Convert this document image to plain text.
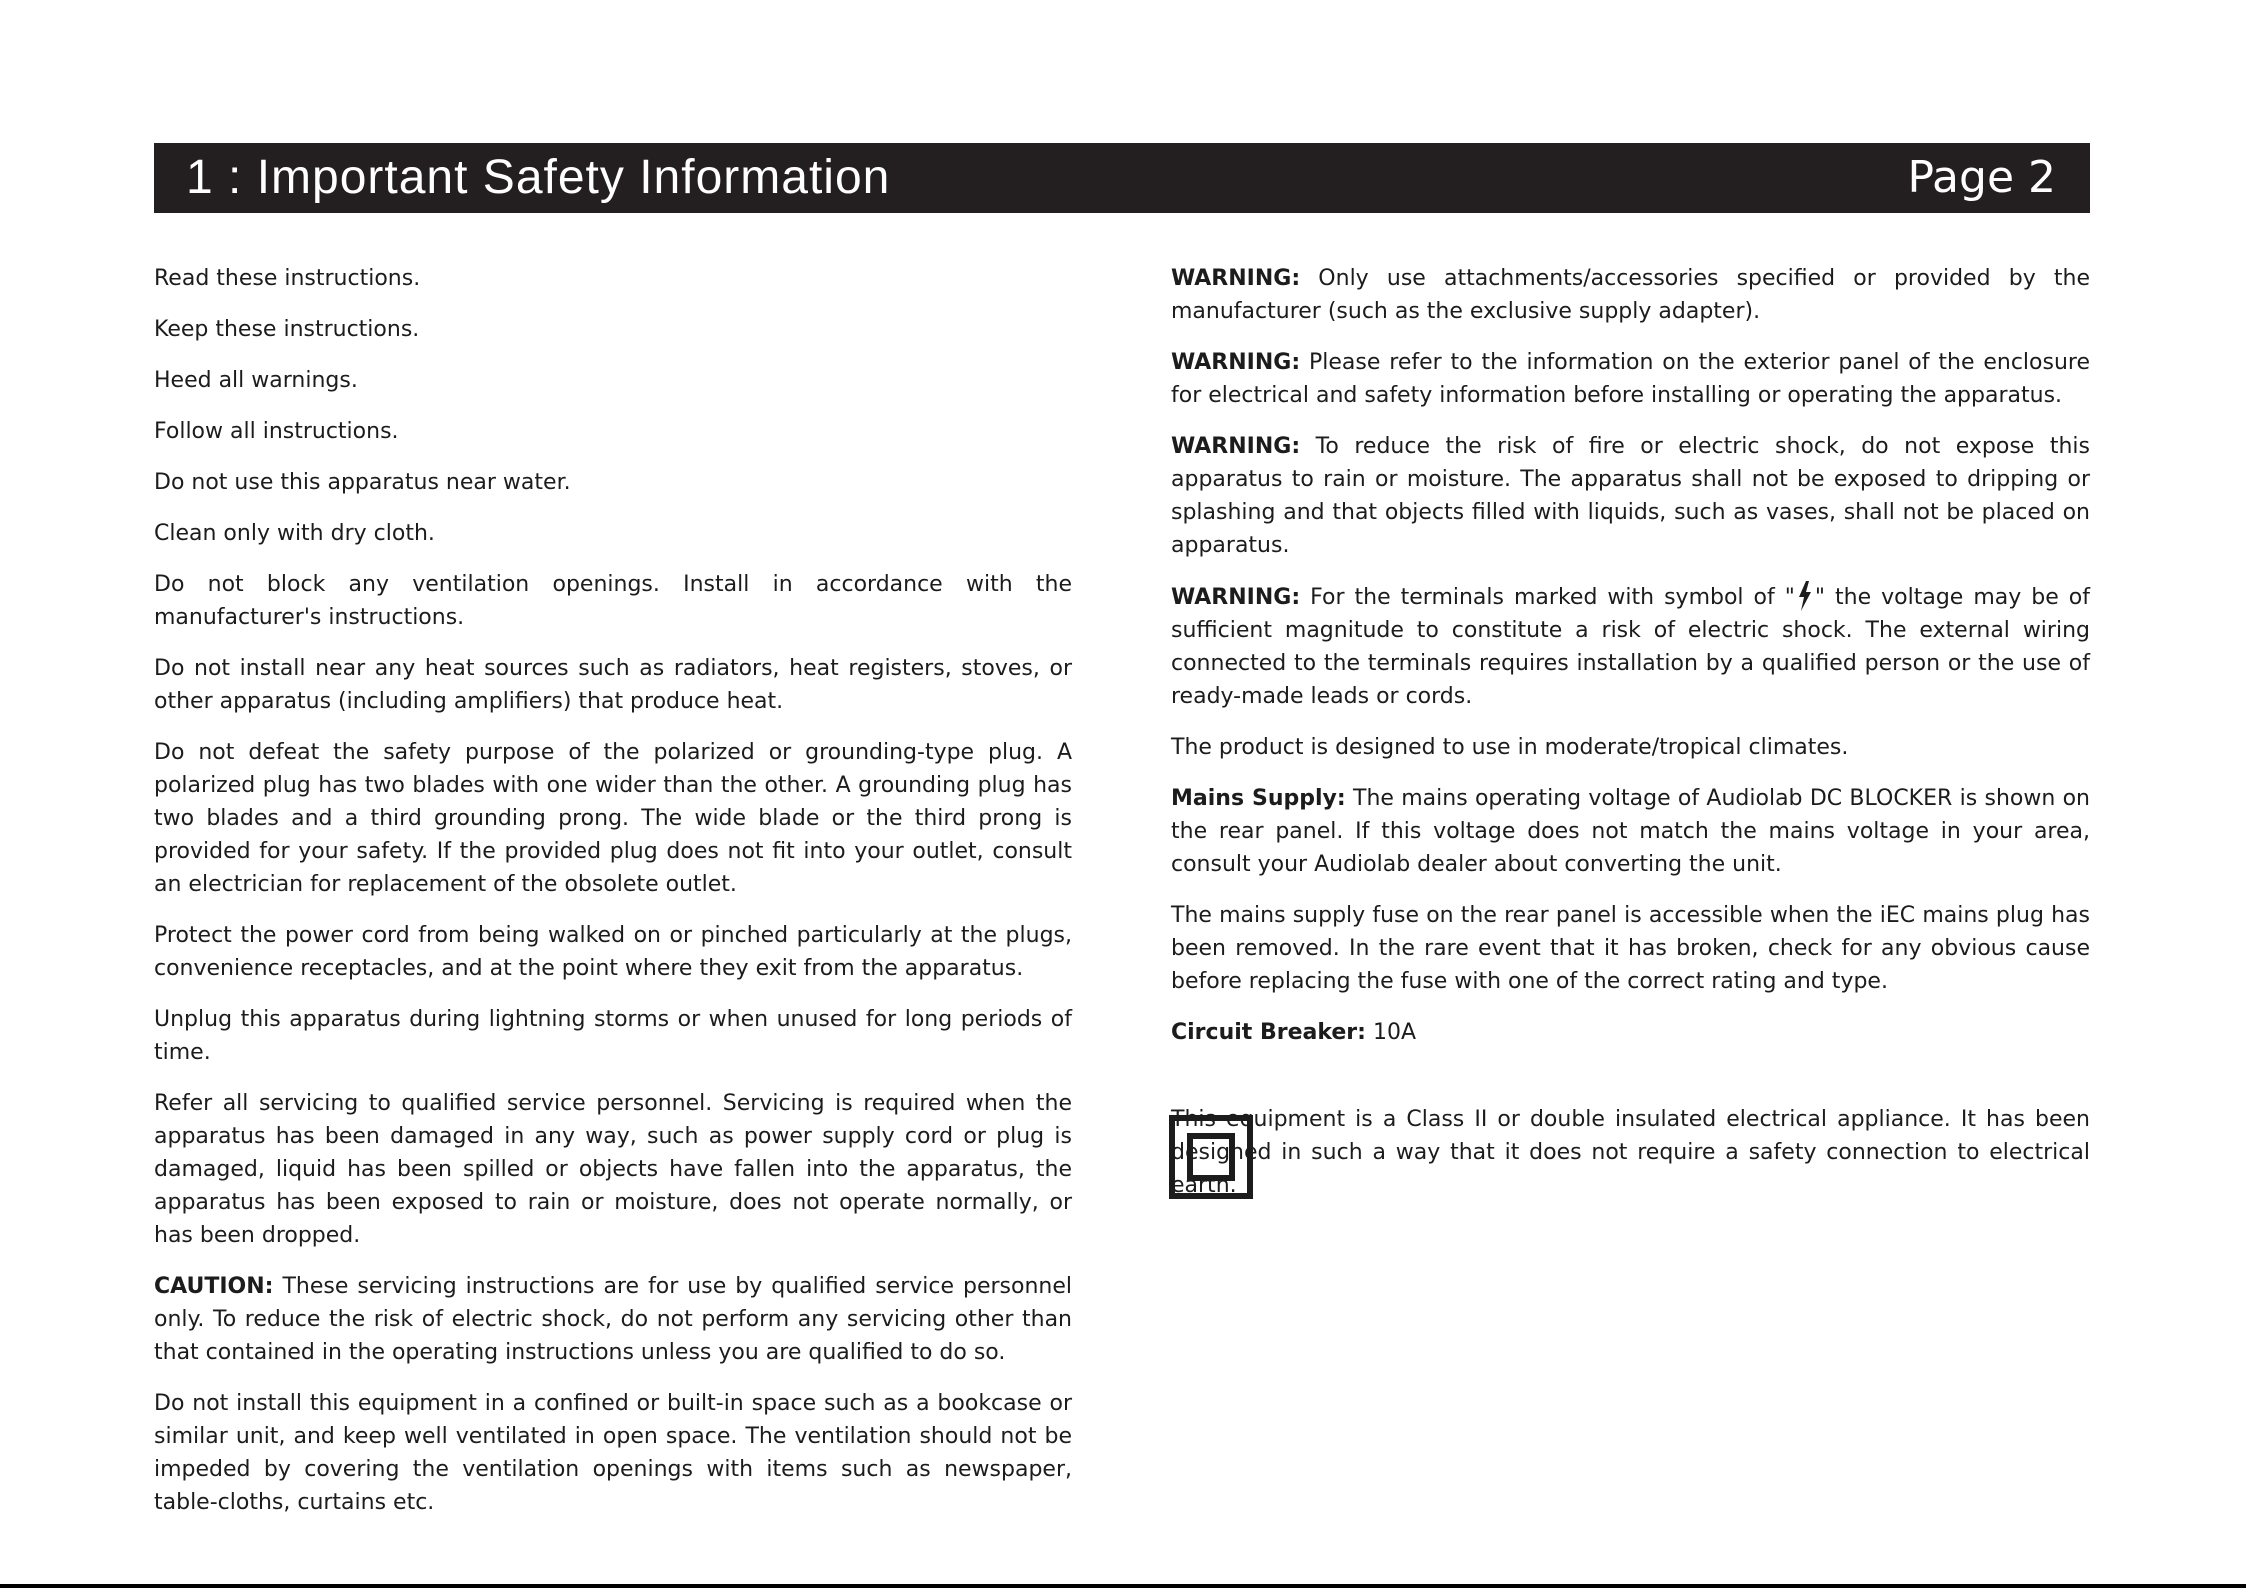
1 : Important Safety Information	Page 2

Read these instructions.

Keep these instructions.

Heed all warnings.

Follow all instructions.

Do not use this apparatus near water.

Clean only with dry cloth.

Do not block any ventilation openings. Install in accordance with the manufacturer's instructions.

Do not install near any heat sources such as radiators, heat registers, stoves, or other apparatus (including amplifiers) that produce heat.

Do not defeat the safety purpose of the polarized or grounding-type plug. A polarized plug has two blades with one wider than the other. A grounding plug has two blades and a third grounding prong. The wide blade or the third prong is provided for your safety. If the provided plug does not fit into your outlet, consult an electrician for replacement of the obsolete outlet.

Protect the power cord from being walked on or pinched particularly at the plugs, convenience receptacles, and at the point where they exit from the apparatus.

Unplug this apparatus during lightning storms or when unused for long periods of time.

Refer all servicing to qualified service personnel. Servicing is required when the apparatus has been damaged in any way, such as power supply cord or plug is damaged, liquid has been spilled or objects have fallen into the apparatus, the apparatus has been exposed to rain or moisture, does not operate normally, or has been dropped.

CAUTION: These servicing instructions are for use by qualified service personnel only. To reduce the risk of electric shock, do not perform any servicing other than that contained in the operating instructions unless you are qualified to do so.

Do not install this equipment in a confined or built-in space such as a bookcase or similar unit, and keep well ventilated in open space. The ventilation should not be impeded by covering the ventilation openings with items such as newspaper, table-cloths, curtains etc.

WARNING: Only use attachments/accessories specified or provided by the manufacturer (such as the exclusive supply adapter).

WARNING: Please refer to the information on the exterior panel of the enclosure for electrical and safety information before installing or operating the apparatus.

WARNING: To reduce the risk of fire or electric shock, do not expose this apparatus to rain or moisture. The apparatus shall not be exposed to dripping or splashing and that objects filled with liquids, such as vases, shall not be placed on apparatus.

WARNING: For the terminals marked with symbol of " " the voltage may be of sufficient magnitude to constitute a risk of electric shock. The external wiring connected to the terminals requires installation by a qualified person or the use of ready-made leads or cords.

The product is designed to use in moderate/tropical climates.

Mains Supply: The mains operating voltage of Audiolab DC BLOCKER is shown on the rear panel. If this voltage does not match the mains voltage in your area, consult your Audiolab dealer about converting the unit.

The mains supply fuse on the rear panel is accessible when the iEC mains plug has been removed. In the rare event that it has broken, check for any obvious cause before replacing the fuse with one of the correct rating and type.

Circuit Breaker: 10A

This equipment is a Class II or double insulated electrical appliance. It has been designed in such a way that it does not require a safety connection to electrical earth.
